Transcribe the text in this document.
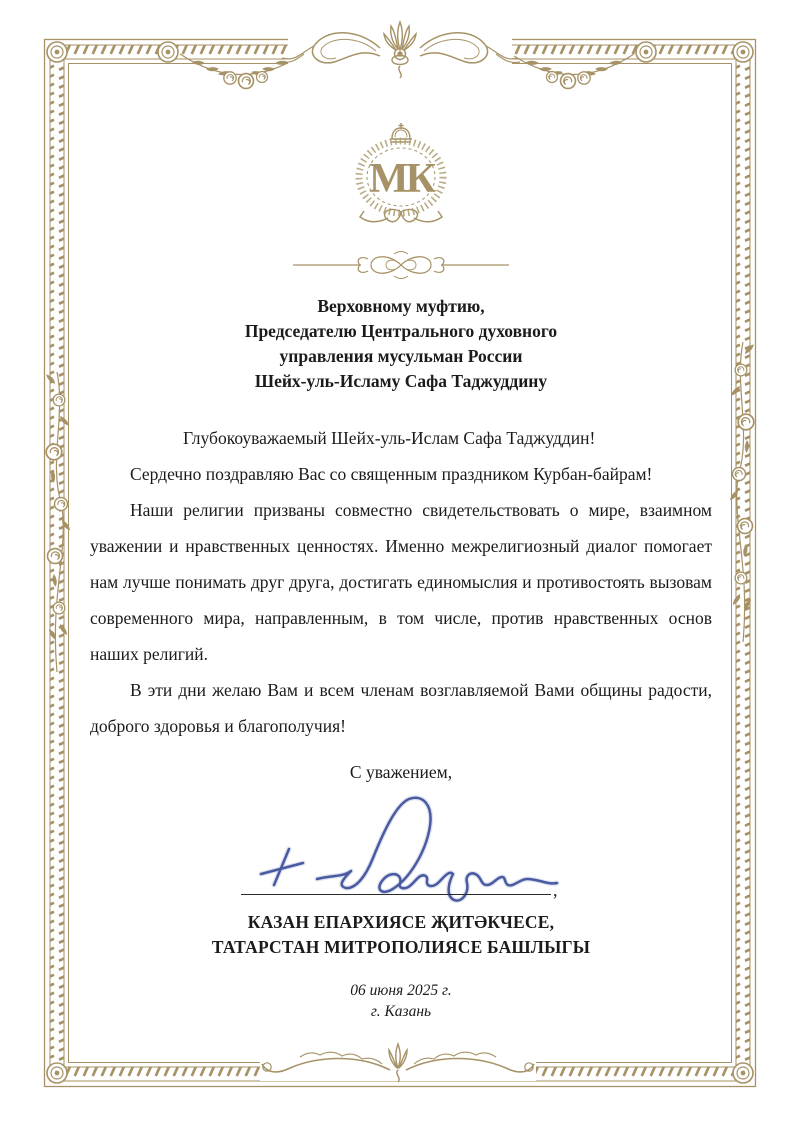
МК
Верховному муфтию,
Председателю Центрального духовного
управления мусульман России
Шейх-уль-Исламу Сафа Таджуддину

Глубокоуважаемый Шейх-уль-Ислам Сафа Таджуддин!

Сердечно поздравляю Вас со священным праздником Курбан-байрам!

Наши религии призваны совместно свидетельствовать о мире, взаимном уважении и нравственных ценностях. Именно межрелигиозный диалог помогает нам лучше понимать друг друга, достигать единомыслия и противостоять вызовам современного мира, направленным, в том числе, против нравственных основ наших религий.

В эти дни желаю Вам и всем членам возглавляемой Вами общины радости, доброго здоровья и благополучия!

С уважением,

,
КАЗАН ЕПАРХИЯСЕ ҖИТӘКЧЕСЕ,
ТАТАРСТАН МИТРОПОЛИЯСЕ БАШЛЫГЫ
06 июня 2025 г.
г. Казань
